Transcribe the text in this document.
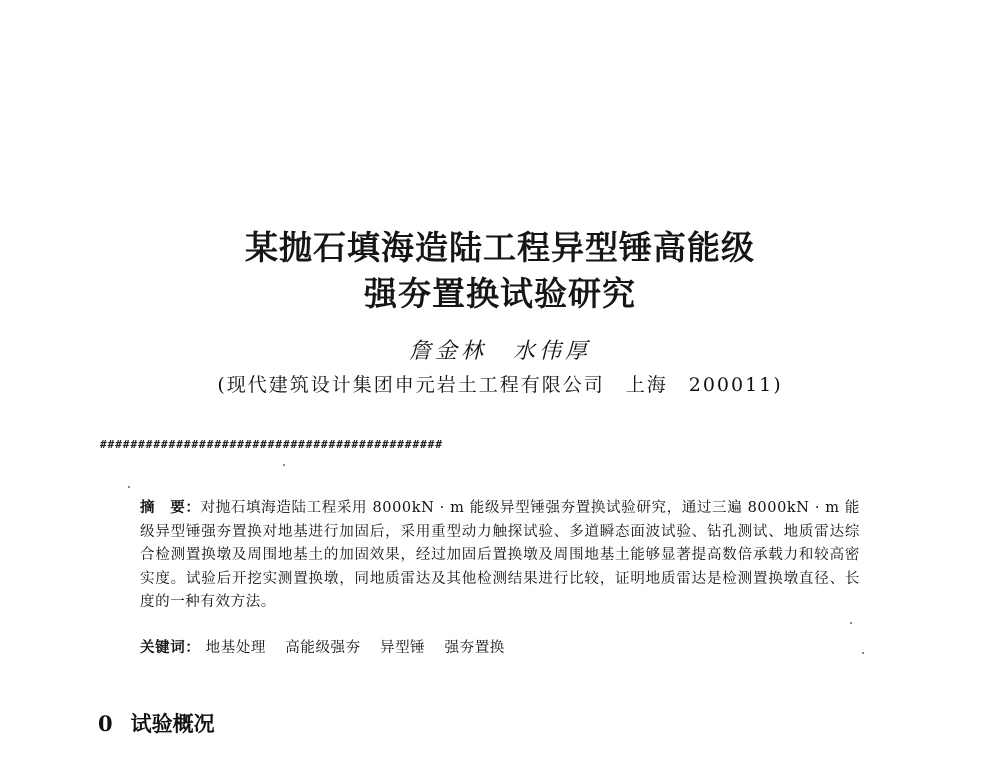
某抛石填海造陆工程异型锤高能级
强夯置换试验研究
詹金林　水伟厚
(现代建筑设计集团申元岩土工程有限公司　上海　200011)
#############################################
摘　要：对抛石填海造陆工程采用 8000kN · m 能级异型锤强夯置换试验研究，通过三遍 8000kN · m 能级异型锤强夯置换对地基进行加固后，采用重型动力触探试验、多道瞬态面波试验、钻孔测试、地质雷达综合检测置换墩及周围地基土的加固效果，经过加固后置换墩及周围地基土能够显著提高数倍承载力和较高密实度。试验后开挖实测置换墩，同地质雷达及其他检测结果进行比较，证明地质雷达是检测置换墩直径、长度的一种有效方法。
关键词： 地基处理 高能级强夯 异型锤 强夯置换
0 试验概况
